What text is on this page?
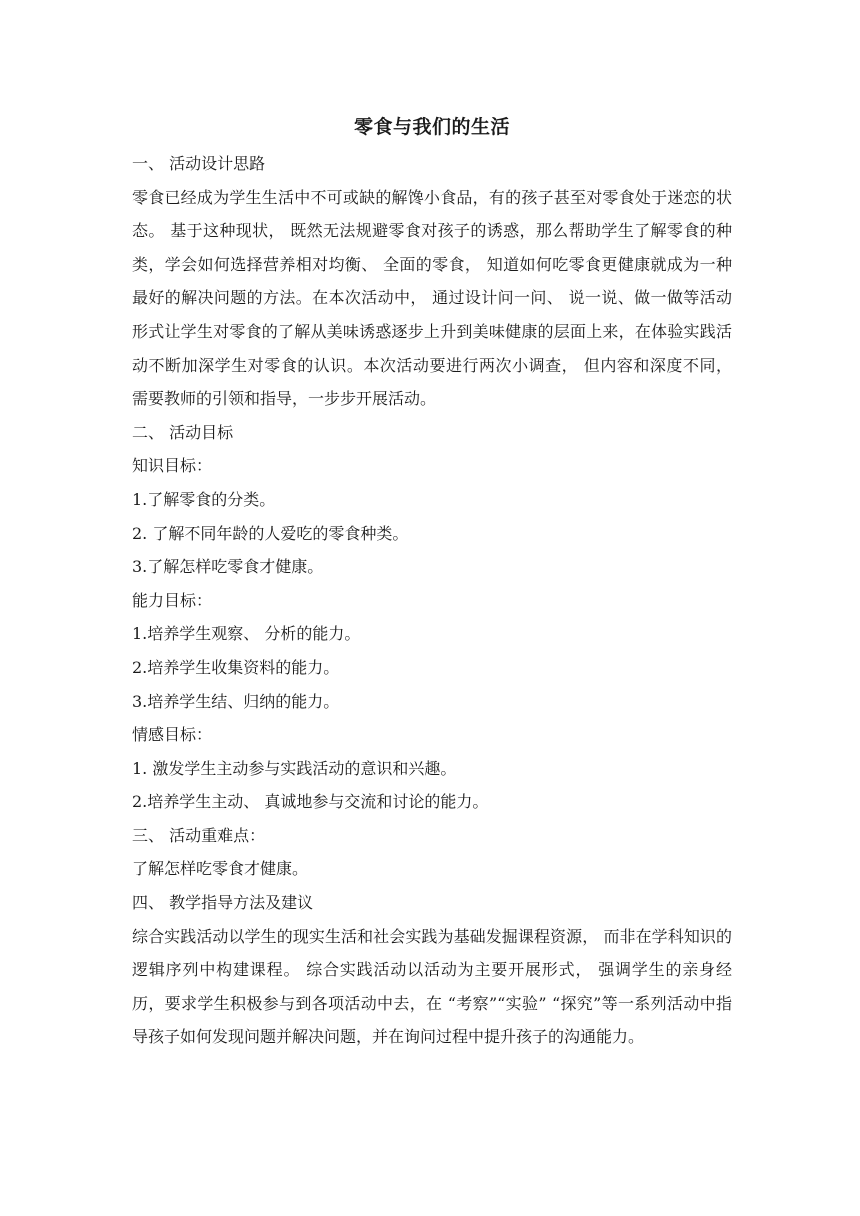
零食与我们的生活

一、 活动设计思路

零食已经成为学生生活中不可或缺的解馋小食品，有的孩子甚至对零食处于迷恋的状态。 基于这种现状， 既然无法规避零食对孩子的诱惑，那么帮助学生了解零食的种类，学会如何选择营养相对均衡、 全面的零食， 知道如何吃零食更健康就成为一种最好的解决问题的方法。在本次活动中， 通过设计问一问、 说一说、做一做等活动形式让学生对零食的了解从美味诱惑逐步上升到美味健康的层面上来，在体验实践活动不断加深学生对零食的认识。本次活动要进行两次小调查， 但内容和深度不同， 需要教师的引领和指导，一步步开展活动。

二、 活动目标

知识目标：

1.了解零食的分类。

2. 了解不同年龄的人爱吃的零食种类。

3.了解怎样吃零食才健康。

能力目标：

1.培养学生观察、 分析的能力。

2.培养学生收集资料的能力。

3.培养学生结、归纳的能力。

情感目标：

1. 激发学生主动参与实践活动的意识和兴趣。

2.培养学生主动、 真诚地参与交流和讨论的能力。

三、 活动重难点：

了解怎样吃零食才健康。

四、 教学指导方法及建议

综合实践活动以学生的现实生活和社会实践为基础发掘课程资源， 而非在学科知识的逻辑序列中构建课程。 综合实践活动以活动为主要开展形式， 强调学生的亲身经历，要求学生积极参与到各项活动中去，在 “考察”“实验” “探究”等一系列活动中指导孩子如何发现问题并解决问题，并在询问过程中提升孩子的沟通能力。
